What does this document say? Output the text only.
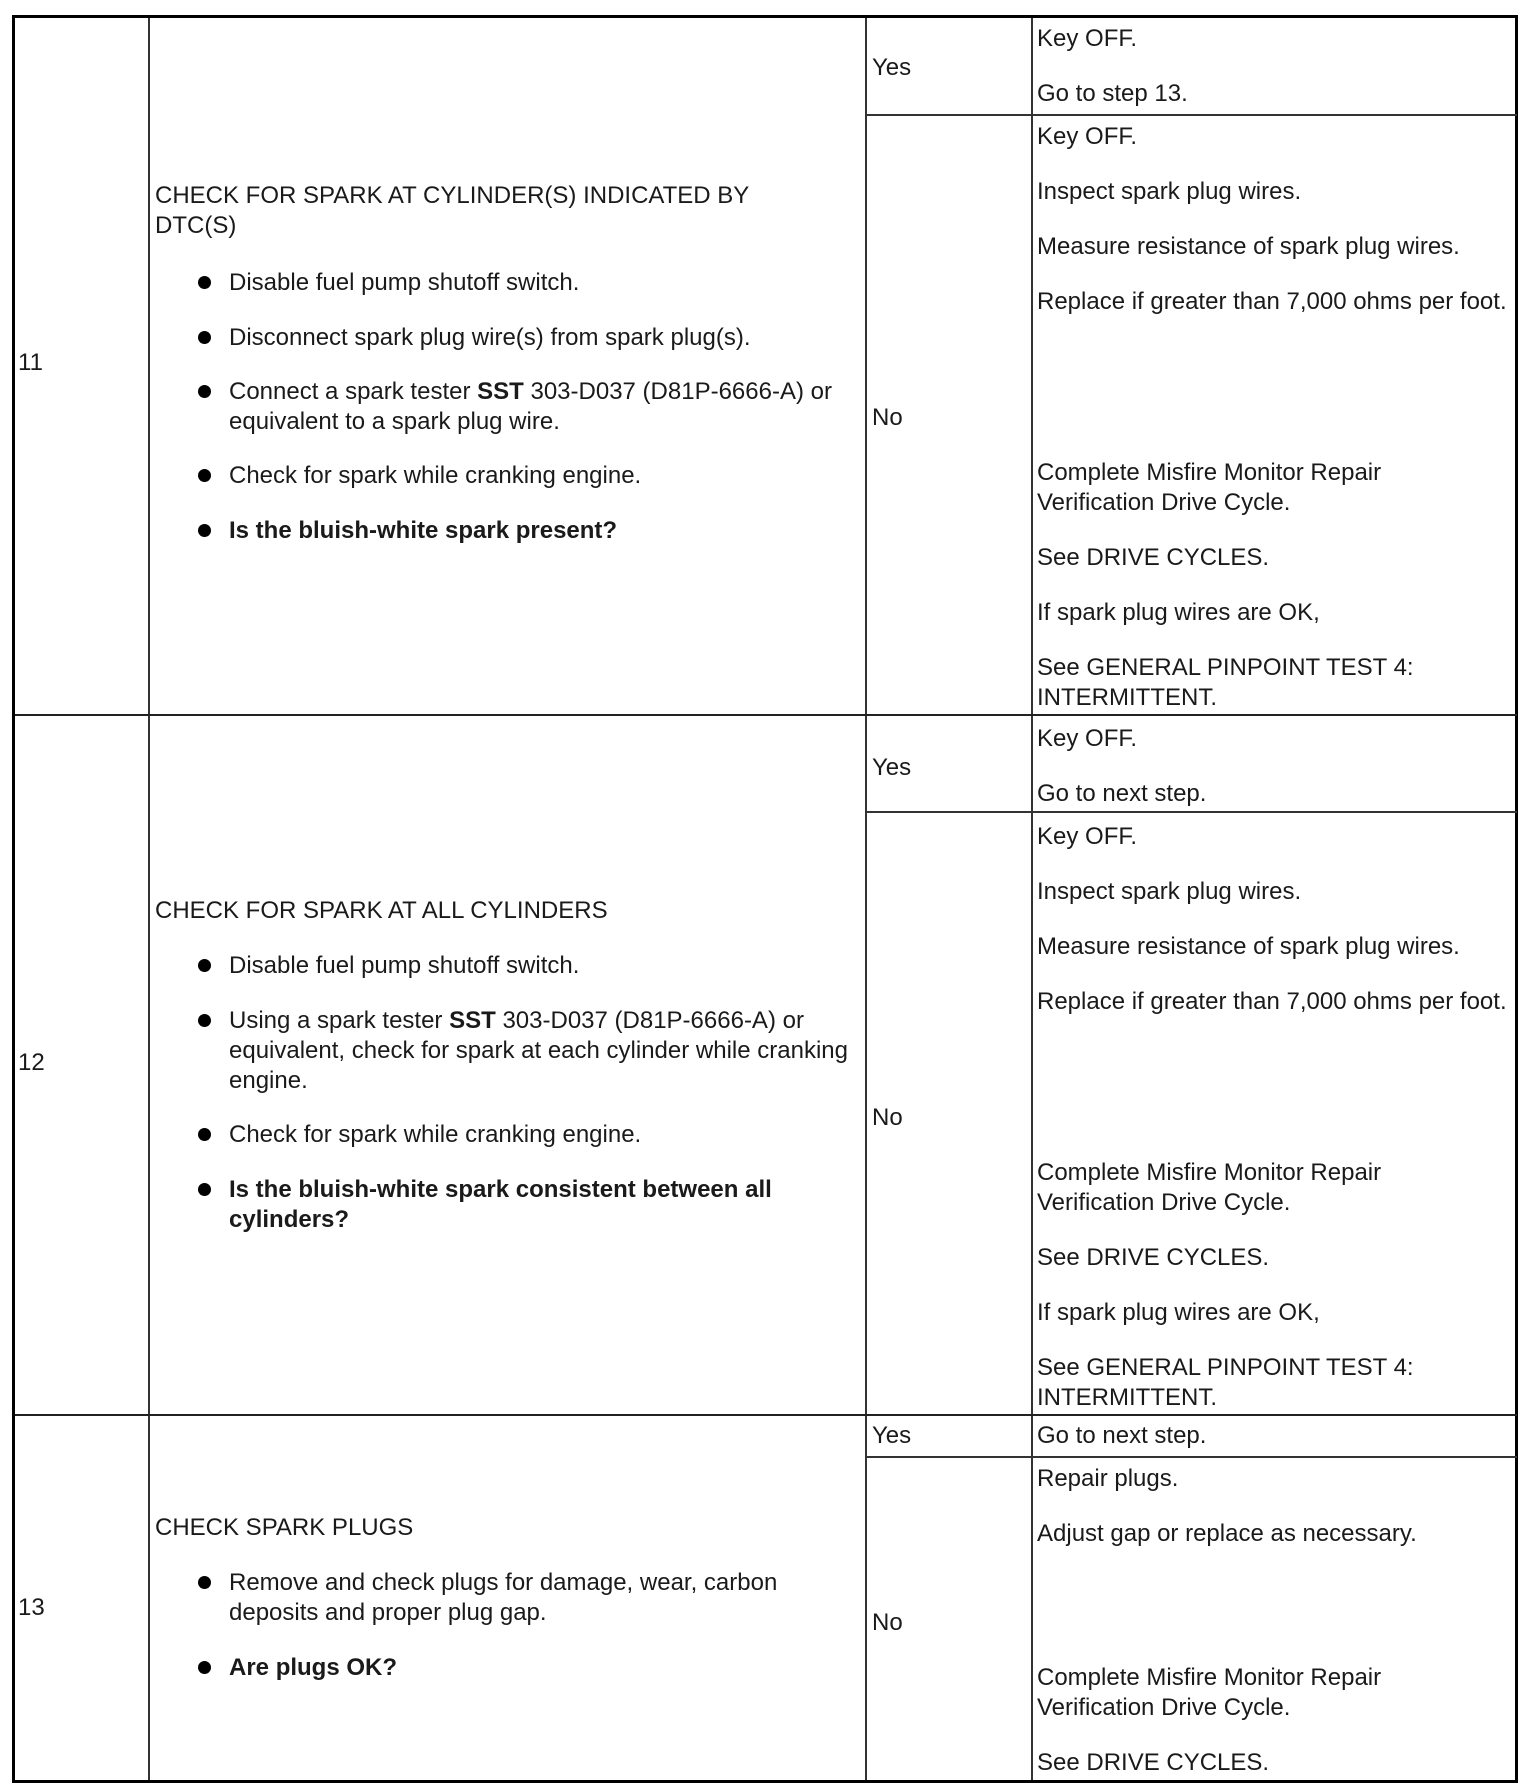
11
CHECK FOR SPARK AT CYLINDER(S) INDICATED BY DTC(S)
Disable fuel pump shutoff switch.
Disconnect spark plug wire(s) from spark plug(s).
Connect a spark tester SST 303-D037 (D81P-6666-A) or equivalent to a spark plug wire.
Check for spark while cranking engine.
Is the bluish-white spark present?
Yes
Key OFF.
Go to step 13.
No
Key OFF.
Inspect spark plug wires.
Measure resistance of spark plug wires.
Replace if greater than 7,000 ohms per foot.
Complete Misfire Monitor Repair Verification Drive Cycle.
See DRIVE CYCLES.
If spark plug wires are OK,
See GENERAL PINPOINT TEST 4: INTERMITTENT.
12
CHECK FOR SPARK AT ALL CYLINDERS
Disable fuel pump shutoff switch.
Using a spark tester SST 303-D037 (D81P-6666-A) or equivalent, check for spark at each cylinder while cranking engine.
Check for spark while cranking engine.
Is the bluish-white spark consistent between all cylinders?
Yes
Key OFF.
Go to next step.
No
Key OFF.
Inspect spark plug wires.
Measure resistance of spark plug wires.
Replace if greater than 7,000 ohms per foot.
Complete Misfire Monitor Repair Verification Drive Cycle.
See DRIVE CYCLES.
If spark plug wires are OK,
See GENERAL PINPOINT TEST 4: INTERMITTENT.
13
CHECK SPARK PLUGS
Remove and check plugs for damage, wear, carbon deposits and proper plug gap.
Are plugs OK?
Yes	Go to next step.
No
Repair plugs.
Adjust gap or replace as necessary.
Complete Misfire Monitor Repair Verification Drive Cycle.
See DRIVE CYCLES.
